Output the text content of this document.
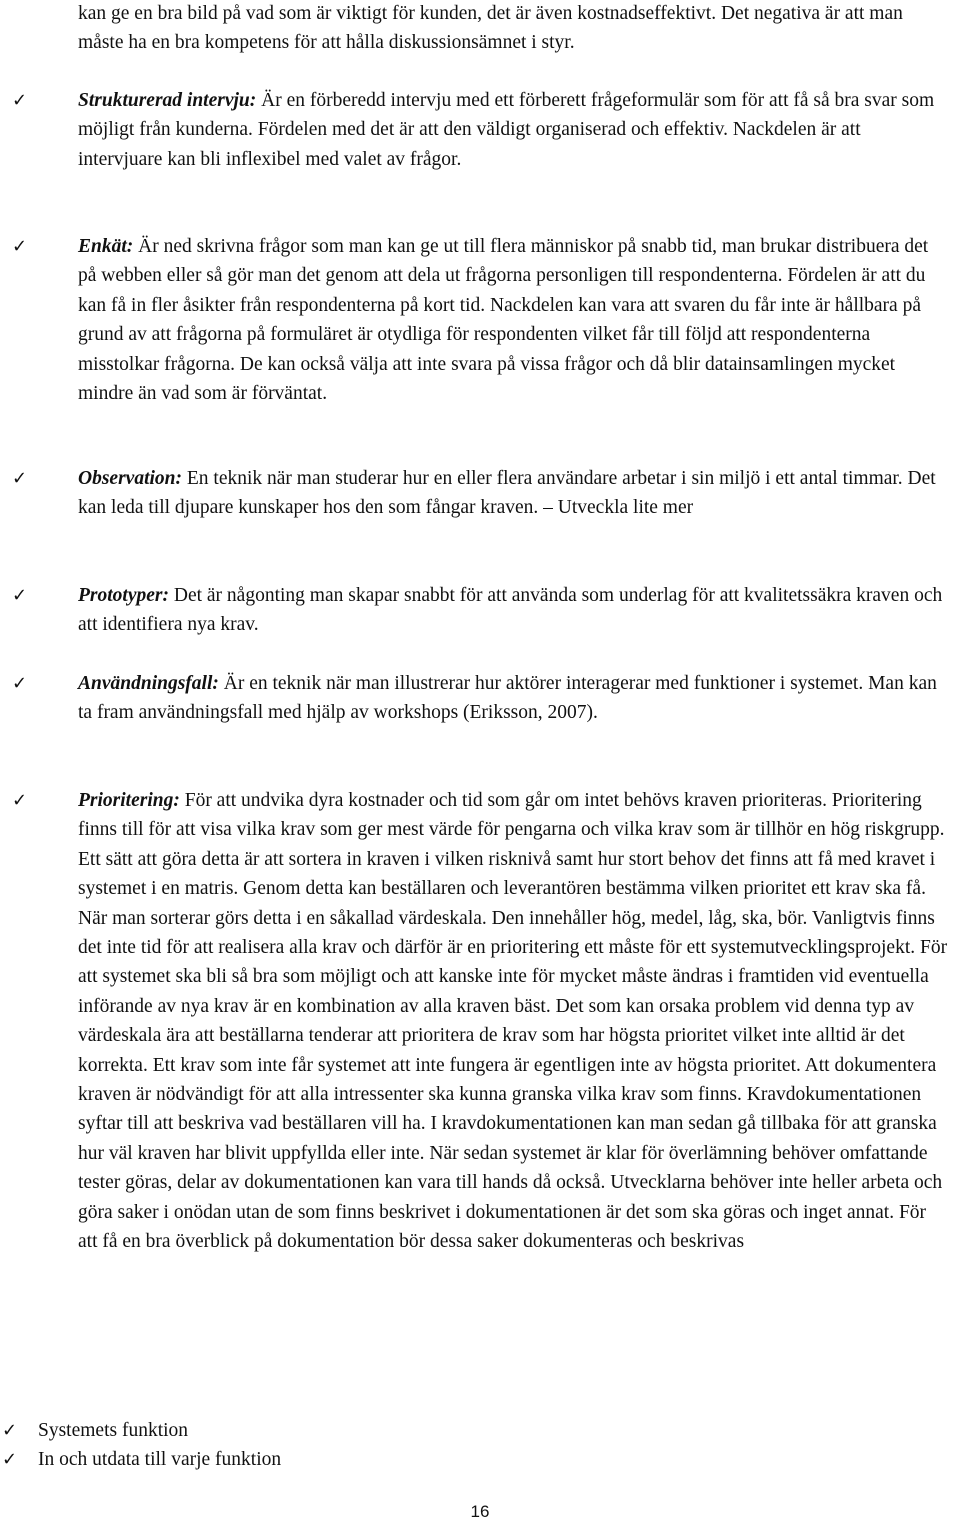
kan ge en bra bild på vad som är viktigt för kunden, det är även kostnadseffektivt. Det negativa är att man måste ha en bra kompetens för att hålla diskussionsämnet i styr.
✓	Strukturerad intervju: Är en förberedd intervju med ett förberett frågeformulär som för att få så bra svar som möjligt från kunderna. Fördelen med det är att den väldigt organiserad och effektiv. Nackdelen är att intervjuare kan bli inflexibel med valet av frågor.
✓	Enkät: Är ned skrivna frågor som man kan ge ut till flera människor på snabb tid, man brukar distribuera det på webben eller så gör man det genom att dela ut frågorna personligen till respondenterna. Fördelen är att du kan få in fler åsikter från respondenterna på kort tid. Nackdelen kan vara att svaren du får inte är hållbara på grund av att frågorna på formuläret är otydliga för respondenten vilket får till följd att respondenterna misstolkar frågorna. De kan också välja att inte svara på vissa frågor och då blir datainsamlingen mycket mindre än vad som är förväntat.
✓	Observation: En teknik när man studerar hur en eller flera användare arbetar i sin miljö i ett antal timmar. Det kan leda till djupare kunskaper hos den som fångar kraven. – Utveckla lite mer
✓	Prototyper: Det är någonting man skapar snabbt för att använda som underlag för att kvalitetssäkra kraven och att identifiera nya krav.
✓	Användningsfall: Är en teknik när man illustrerar hur aktörer interagerar med funktioner i systemet. Man kan ta fram användningsfall med hjälp av workshops (Eriksson, 2007).
✓	Prioritering: För att undvika dyra kostnader och tid som går om intet behövs kraven prioriteras. Prioritering finns till för att visa vilka krav som ger mest värde för pengarna och vilka krav som är tillhör en hög riskgrupp. Ett sätt att göra detta är att sortera in kraven i vilken risknivå samt hur stort behov det finns att få med kravet i systemet i en matris. Genom detta kan beställaren och leverantören bestämma vilken prioritet ett krav ska få. När man sorterar görs detta i en såkallad värdeskala. Den innehåller hög, medel, låg, ska, bör. Vanligtvis finns det inte tid för att realisera alla krav och därför är en prioritering ett måste för ett systemutvecklingsprojekt. För att systemet ska bli så bra som möjligt och att kanske inte för mycket måste ändras i framtiden vid eventuella införande av nya krav är en kombination av alla kraven bäst. Det som kan orsaka problem vid denna typ av värdeskala ära att beställarna tenderar att prioritera de krav som har högsta prioritet vilket inte alltid är det korrekta. Ett krav som inte får systemet att inte fungera är egentligen inte av högsta prioritet. Att dokumentera kraven är nödvändigt för att alla intressenter ska kunna granska vilka krav som finns. Kravdokumentationen syftar till att beskriva vad beställaren vill ha. I kravdokumentationen kan man sedan gå tillbaka för att granska hur väl kraven har blivit uppfyllda eller inte. När sedan systemet är klar för överlämning behöver omfattande tester göras, delar av dokumentationen kan vara till hands då också. Utvecklarna behöver inte heller arbeta och göra saker i onödan utan de som finns beskrivet i dokumentationen är det som ska göras och inget annat. För att få en bra överblick på dokumentation bör dessa saker dokumenteras och beskrivas
✓ Systemets funktion
✓ In och utdata till varje funktion
16
